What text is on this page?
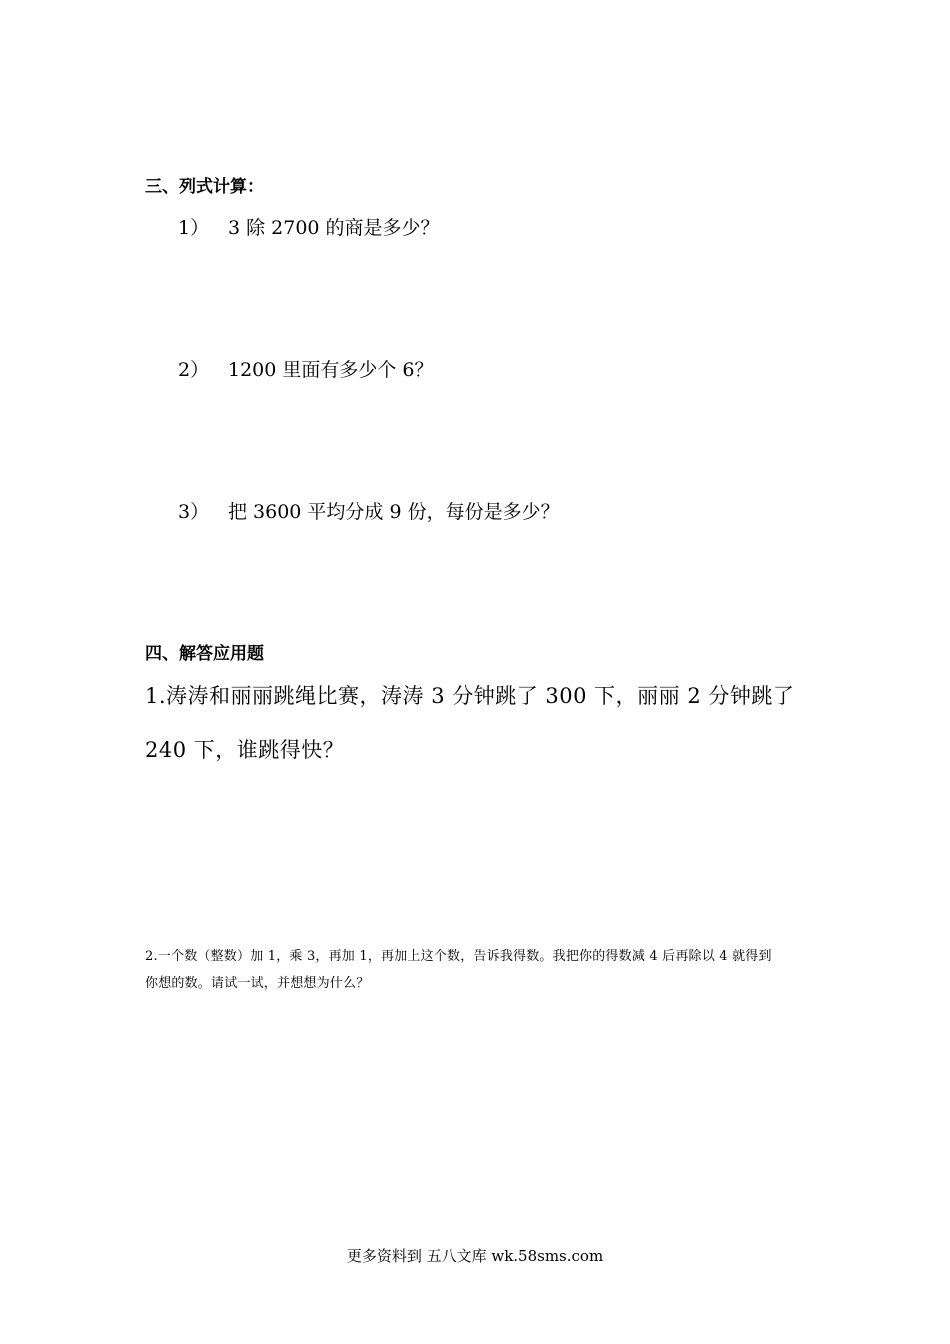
三、列式计算：
1） 3 除 2700 的商是多少？
2） 1200 里面有多少个 6？
3） 把 3600 平均分成 9 份，每份是多少？
四、解答应用题
1.涛涛和丽丽跳绳比赛，涛涛 3 分钟跳了 300 下，丽丽 2 分钟跳了
240 下，谁跳得快？
2.一个数（整数）加 1，乘 3，再加 1，再加上这个数，告诉我得数。我把你的得数减 4 后再除以 4 就得到
你想的数。请试一试，并想想为什么？
更多资料到 五八文库 wk.58sms.com
